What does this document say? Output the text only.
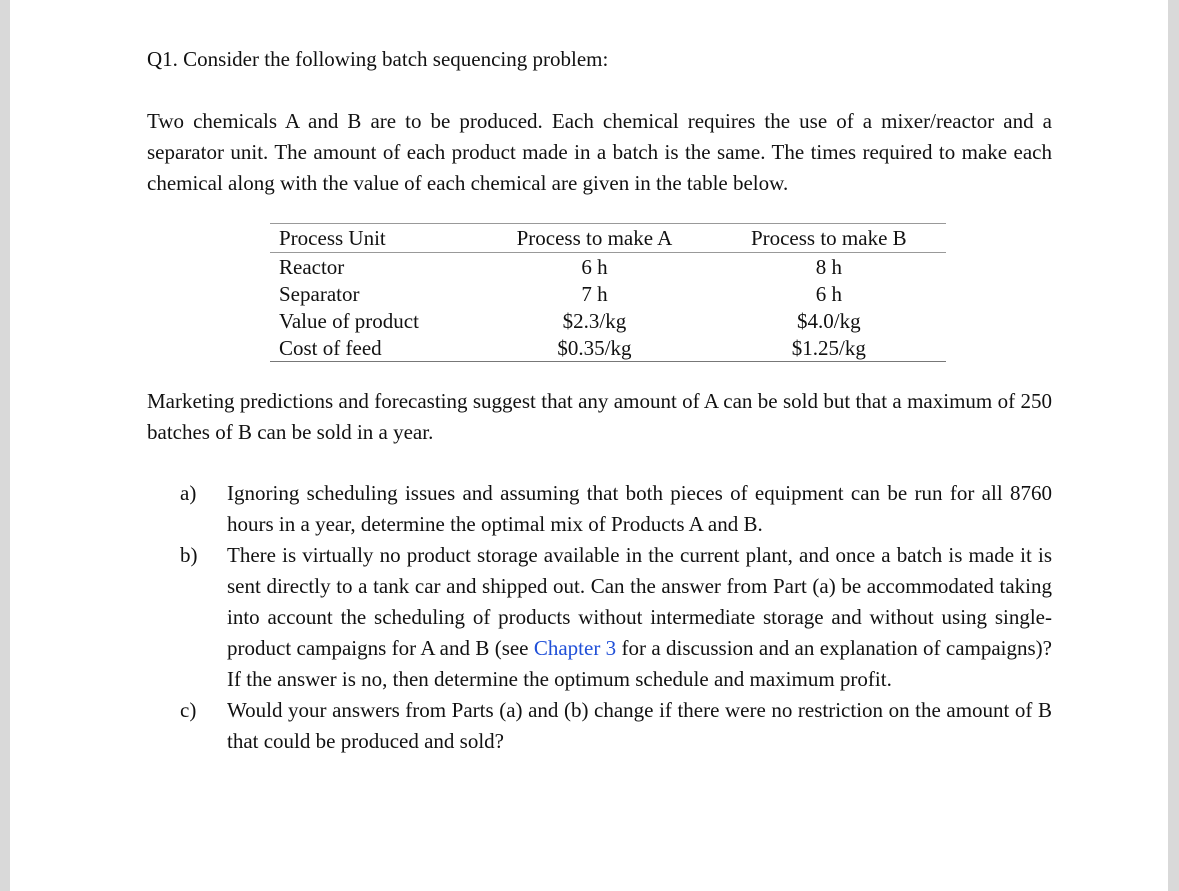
Q1. Consider the following batch sequencing problem:

Two chemicals A and B are to be produced. Each chemical requires the use of a mixer/reactor and a separator unit. The amount of each product made in a batch is the same. The times required to make each chemical along with the value of each chemical are given in the table below.

Process Unit	Process to make A	Process to make B
Reactor	6 h	8 h
Separator	7 h	6 h
Value of product	$2.3/kg	$4.0/kg
Cost of feed	$0.35/kg	$1.25/kg

Marketing predictions and forecasting suggest that any amount of A can be sold but that a maximum of 250 batches of B can be sold in a year.

a) Ignoring scheduling issues and assuming that both pieces of equipment can be run for all 8760 hours in a year, determine the optimal mix of Products A and B.
b) There is virtually no product storage available in the current plant, and once a batch is made it is sent directly to a tank car and shipped out. Can the answer from Part (a) be accommodated taking into account the scheduling of products without intermediate storage and without using single-product campaigns for A and B (see Chapter 3 for a discussion and an explanation of campaigns)? If the answer is no, then determine the optimum schedule and maximum profit.
c) Would your answers from Parts (a) and (b) change if there were no restriction on the amount of B that could be produced and sold?
